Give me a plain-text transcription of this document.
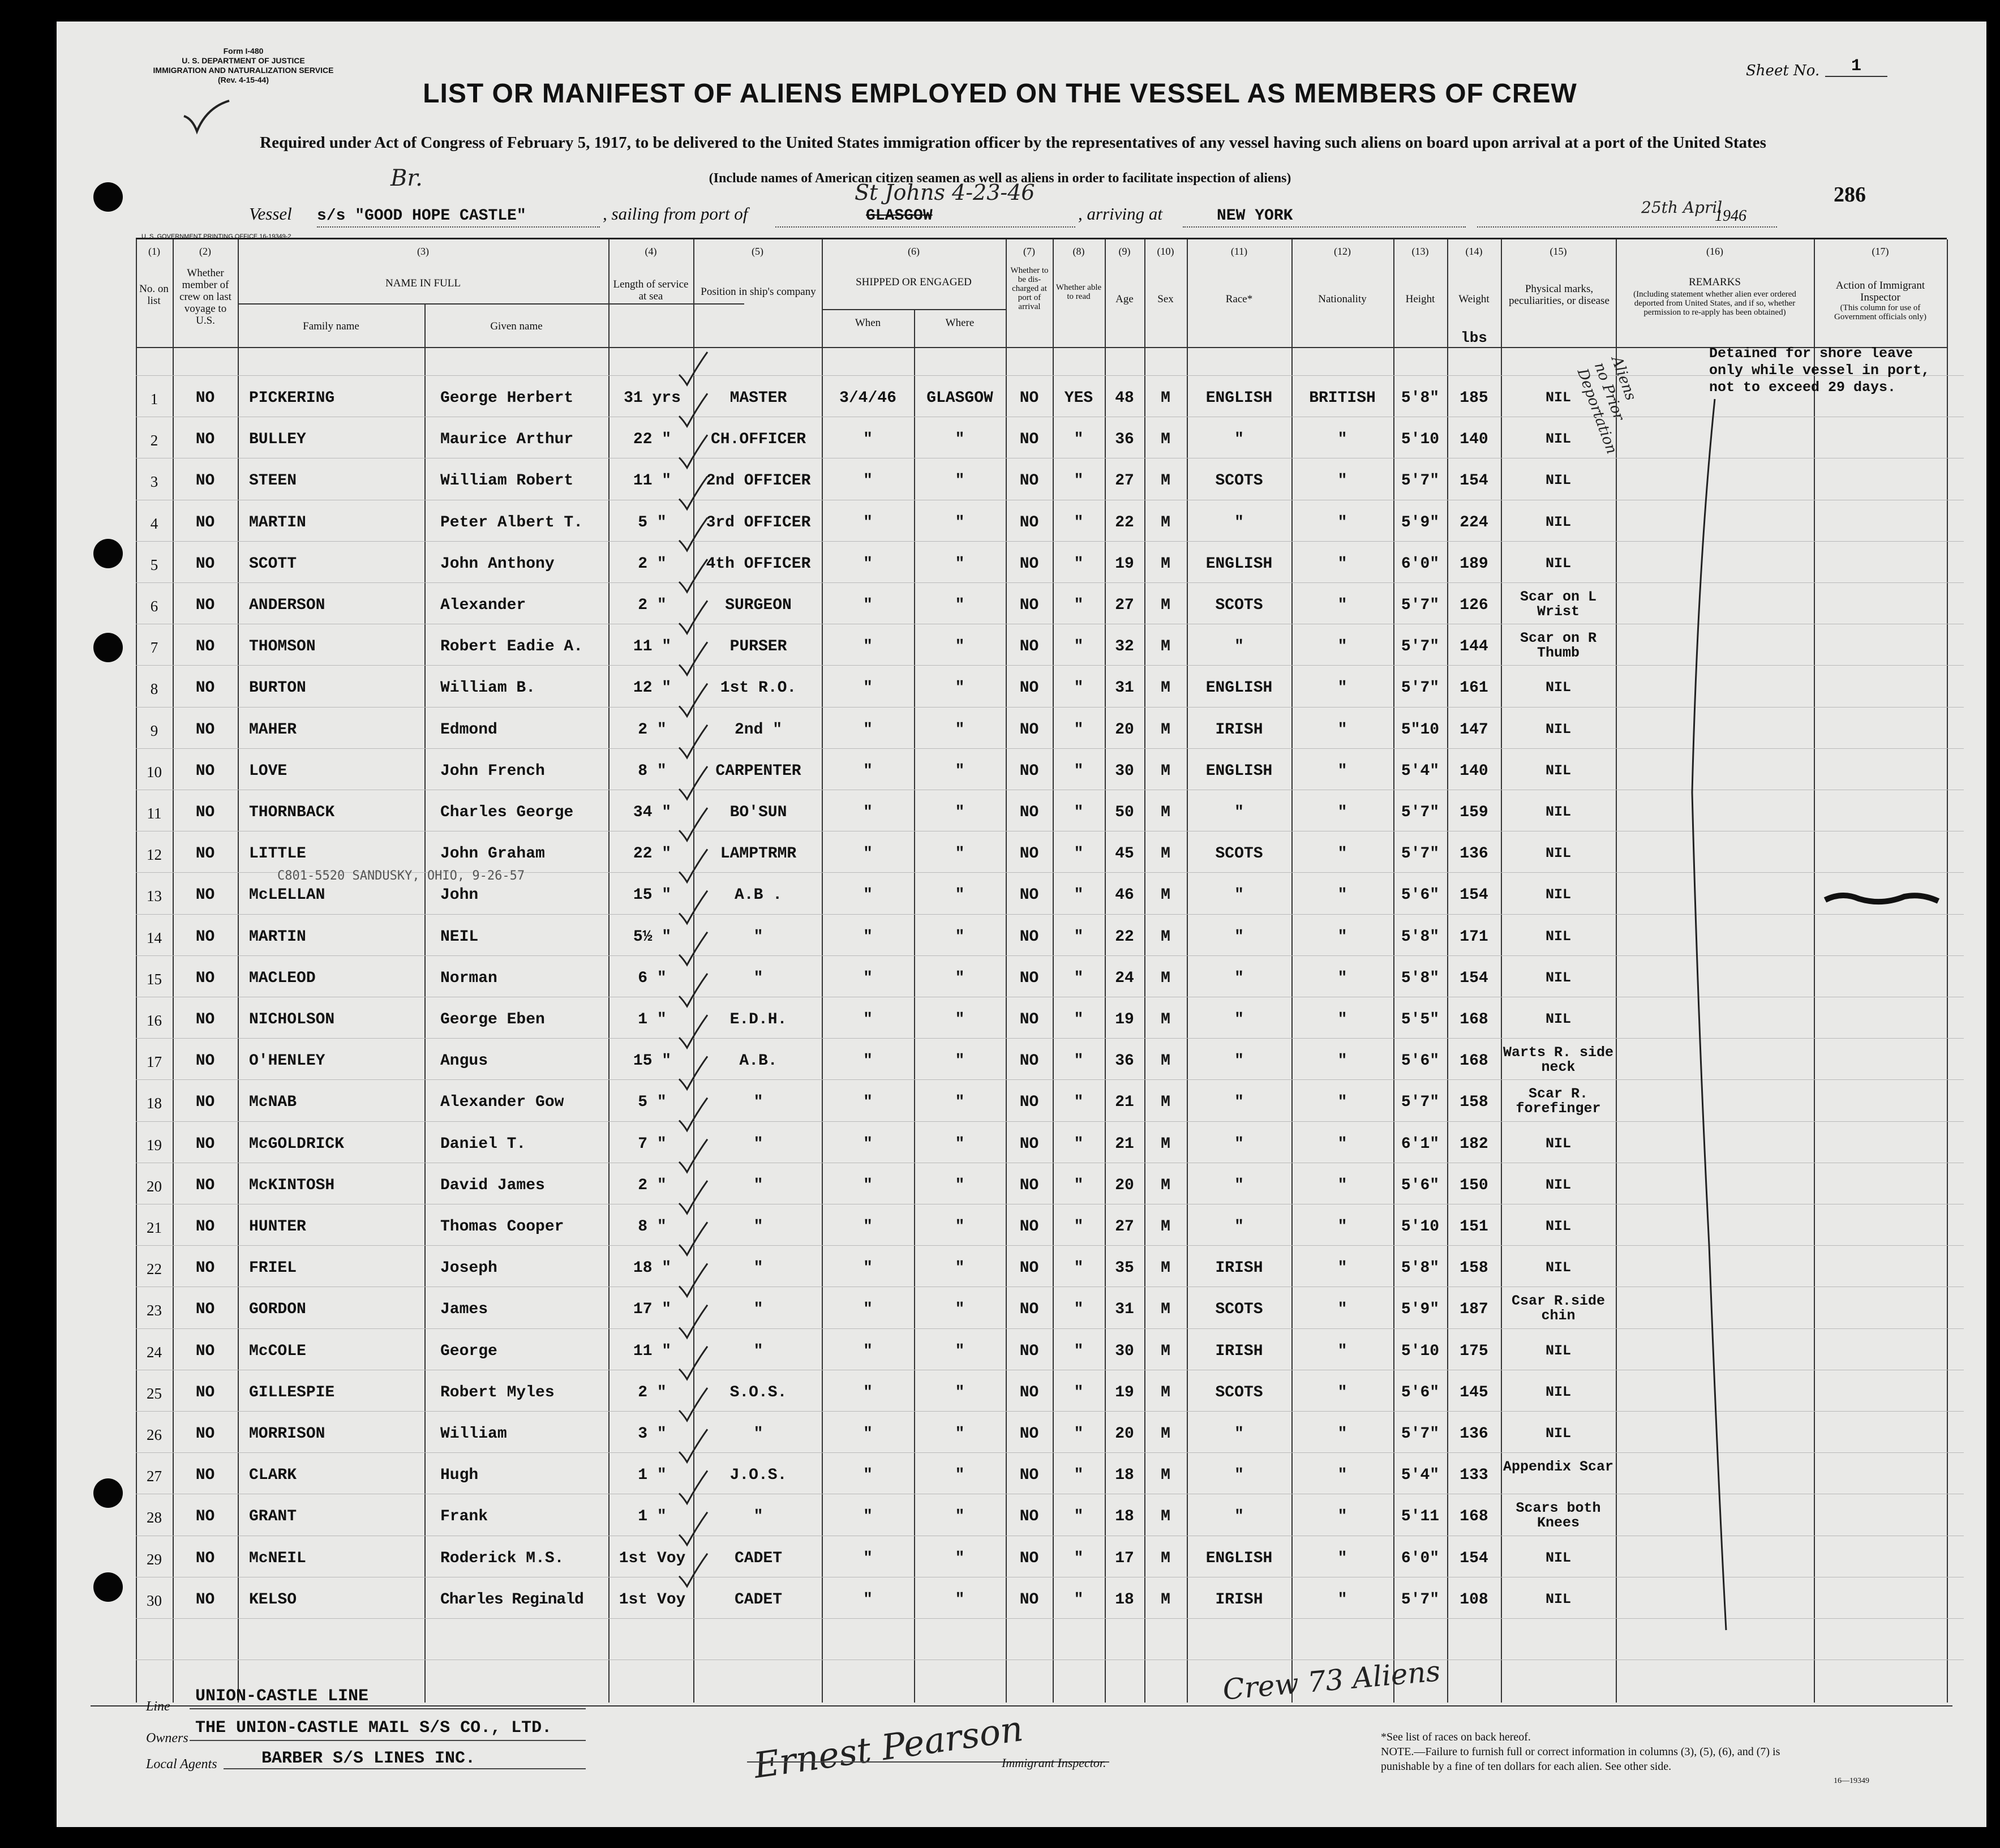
Form I-480
U. S. DEPARTMENT OF JUSTICE
IMMIGRATION AND NATURALIZATION SERVICE
(Rev. 4-15-44)
Sheet No.	1
LIST OR MANIFEST OF ALIENS EMPLOYED ON THE VESSEL AS MEMBERS OF CREW
Required under Act of Congress of February 5, 1917, to be delivered to the United States immigration officer by the representatives of any vessel having such aliens on board upon arrival at a port of the United States
(Include names of American citizen seamen as well as aliens in order to facilitate inspection of aliens)
286
Vessel
Br.
s/s "GOOD HOPE CASTLE"	, sailing from port of	GLASGOW
St Johns 4-23-46
, arriving at	NEW YORK	25th April
1946
U. S. GOVERNMENT PRINTING OFFICE 16-19349-2
(1)	(2)	(3)	(4)	(5)	(6)	(7)	(8)	(9)	(10)	(11)	(12)	(13)	(14)	(15)	(16)	(17)
No. on list
Whether member of crew on last voyage to U.S.
NAME IN FULL
Family name	Given name
Length of service at sea	Position in ship's company
SHIPPED OR ENGAGED
When	Where
Whether to be dis-charged at port of arrival
Whether able to read	Age	Sex	Race*	Nationality	Height	Weight
lbs
Physical marks, peculiarities, or disease
REMARKS
(Including statement whether alien ever ordered deported from United States, and if so, whether permission to re-apply has been obtained)
Action of Immigrant Inspector
(This column for use of Government officials only)
1	NO	PICKERING	George Herbert	31 yrs	MASTER	3/4/46	GLASGOW	NO	YES	48	M	ENGLISH	BRITISH	5'8"	185	NIL
2	NO	BULLEY	Maurice Arthur	22 "	CH.OFFICER	"	"	NO	"	36	M	"	"	5'10	140	NIL
3	NO	STEEN	William Robert	11 "	2nd OFFICER	"	"	NO	"	27	M	SCOTS	"	5'7"	154	NIL
4	NO	MARTIN	Peter Albert T.	5 "	3rd OFFICER	"	"	NO	"	22	M	"	"	5'9"	224	NIL
5	NO	SCOTT	John Anthony	2 "	4th OFFICER	"	"	NO	"	19	M	ENGLISH	"	6'0"	189	NIL
6	NO	ANDERSON	Alexander	2 "	SURGEON	"	"	NO	"	27	M	SCOTS	"	5'7"	126	Scar on L Wrist
7	NO	THOMSON	Robert Eadie A.	11 "	PURSER	"	"	NO	"	32	M	"	"	5'7"	144	Scar on R Thumb
8	NO	BURTON	William B.	12 "	1st R.O.	"	"	NO	"	31	M	ENGLISH	"	5'7"	161	NIL
9	NO	MAHER	Edmond	2 "	2nd "	"	"	NO	"	20	M	IRISH	"	5"10	147	NIL
10	NO	LOVE	John French	8 "	CARPENTER	"	"	NO	"	30	M	ENGLISH	"	5'4"	140	NIL
11	NO	THORNBACK	Charles George	34 "	BO'SUN	"	"	NO	"	50	M	"	"	5'7"	159	NIL
12	NO	LITTLE	John Graham	22 "	LAMPTRMR	"	"	NO	"	45	M	SCOTS	"	5'7"	136	NIL
13	NO	McLELLAN	John	15 "	A.B .	"	"	NO	"	46	M	"	"	5'6"	154	NIL
14	NO	MARTIN	NEIL	5½ "	"	"	"	NO	"	22	M	"	"	5'8"	171	NIL
15	NO	MACLEOD	Norman	6 "	"	"	"	NO	"	24	M	"	"	5'8"	154	NIL
16	NO	NICHOLSON	George Eben	1 "	E.D.H.	"	"	NO	"	19	M	"	"	5'5"	168	NIL
17	NO	O'HENLEY	Angus	15 "	A.B.	"	"	NO	"	36	M	"	"	5'6"	168	Warts R. side neck
18	NO	McNAB	Alexander Gow	5 "	"	"	"	NO	"	21	M	"	"	5'7"	158	Scar R. forefinger
19	NO	McGOLDRICK	Daniel T.	7 "	"	"	"	NO	"	21	M	"	"	6'1"	182	NIL
20	NO	McKINTOSH	David James	2 "	"	"	"	NO	"	20	M	"	"	5'6"	150	NIL
21	NO	HUNTER	Thomas Cooper	8 "	"	"	"	NO	"	27	M	"	"	5'10	151	NIL
22	NO	FRIEL	Joseph	18 "	"	"	"	NO	"	35	M	IRISH	"	5'8"	158	NIL
23	NO	GORDON	James	17 "	"	"	"	NO	"	31	M	SCOTS	"	5'9"	187	Csar R.side chin
24	NO	McCOLE	George	11 "	"	"	"	NO	"	30	M	IRISH	"	5'10	175	NIL
25	NO	GILLESPIE	Robert Myles	2 "	S.O.S.	"	"	NO	"	19	M	SCOTS	"	5'6"	145	NIL
26	NO	MORRISON	William	3 "	"	"	"	NO	"	20	M	"	"	5'7"	136	NIL
27	NO	CLARK	Hugh	1 "	J.O.S.	"	"	NO	"	18	M	"	"	5'4"	133	Appendix Scar
28	NO	GRANT	Frank	1 "	"	"	"	NO	"	18	M	"	"	5'11	168	Scars both Knees
29	NO	McNEIL	Roderick M.S.	1st Voy	CADET	"	"	NO	"	17	M	ENGLISH	"	6'0"	154	NIL
30	NO	KELSO	Charles Reginald	1st Voy	CADET	"	"	NO	"	18	M	IRISH	"	5'7"	108	NIL
Aliens no Prior Deportation
Detained for shore leave only while vessel in port, not to exceed 29 days.
C801-5520 SANDUSKY, OHIO, 9-26-57
Line
UNION-CASTLE LINE
Owners
THE UNION-CASTLE MAIL S/S CO., LTD.
Local Agents	BARBER S/S LINES INC.	Ernest Pearson
Immigrant Inspector.
Crew 73 Aliens
*See list of races on back hereof.
NOTE.—Failure to furnish full or correct information in columns (3), (5), (6), and (7) is punishable by a fine of ten dollars for each alien. See other side.
16—19349
